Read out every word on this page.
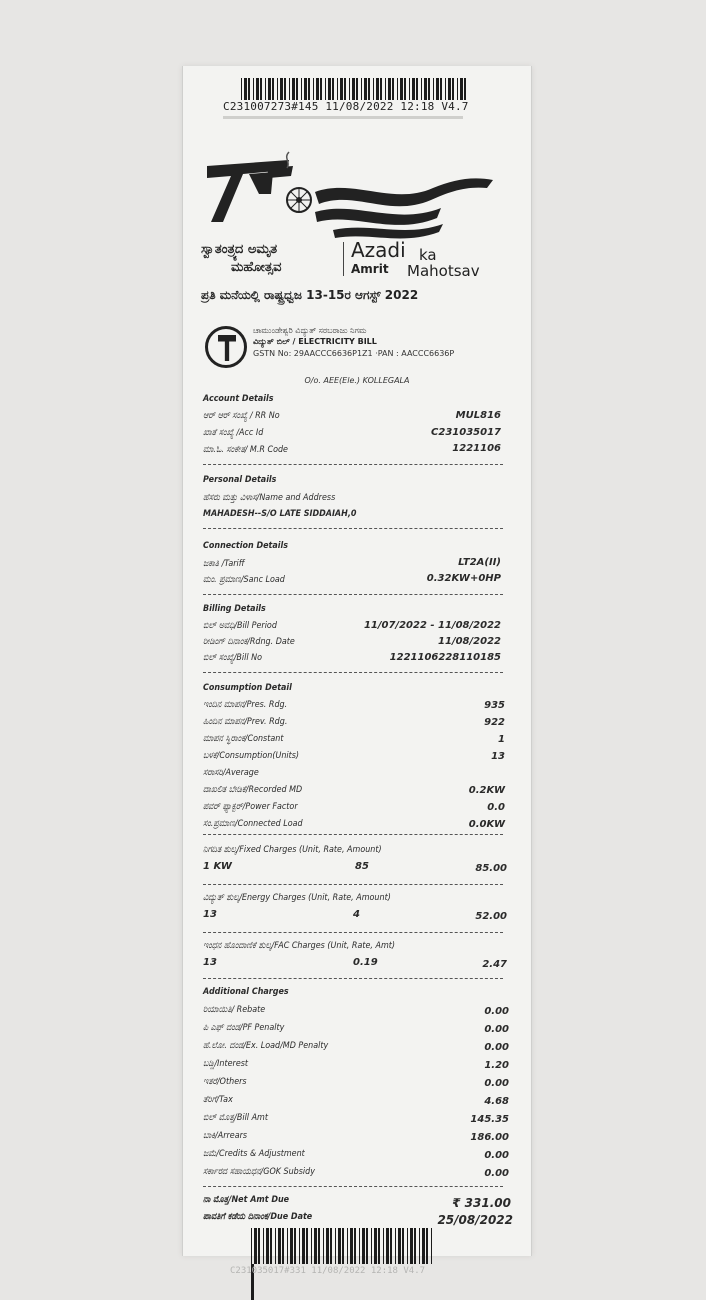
C231007273#145 11/08/2022 12:18 V4.7
ಸ್ವಾತಂತ್ರ್ಯದ ಅಮೃತ
ಮಹೋತ್ಸವ
Azadi ka
Amrit Mahotsav
ಪ್ರತಿ ಮನೆಯಲ್ಲಿ ರಾಷ್ಟ್ರಧ್ವಜ 13-15ರ ಆಗಸ್ಟ್ 2022
ಚಾಮುಂಡೇಶ್ವರಿ ವಿದ್ಯುತ್ ಸರಬರಾಜು ನಿಗಮ
ವಿದ್ಯುತ್ ಬಿಲ್ / ELECTRICITY BILL
GSTN No: 29AACCC6636P1Z1 ·PAN : AACCC6636P
O/o. AEE(Ele.) KOLLEGALA
Account Details
ಆರ್ ಆರ್ ಸಂಖ್ಯೆ / RR No	MUL816
ಖಾತೆ ಸಂಖ್ಯೆ /Acc Id	C231035017
ಮಾ.ಓ. ಸಂಕೇತ/ M.R Code	1221106
Personal Details
ಹೆಸರು ಮತ್ತು ವಿಳಾಸ/Name and Address
MAHADESH--S/O LATE SIDDAIAH,0
Connection Details
ಜಕಾತಿ /Tariff	LT2A(II)
ಮಂ. ಪ್ರಮಾಣ/Sanc Load	0.32KW+0HP
Billing Details
ಬಿಲ್ ಅವಧಿ/Bill Period	11/07/2022 - 11/08/2022
ರೀಡಿಂಗ್ ದಿನಾಂಕ/Rdng. Date	11/08/2022
ಬಿಲ್ ಸಂಖ್ಯೆ/Bill No	1221106228110185
Consumption Detail
ಇಂದಿನ ಮಾಪನ/Pres. Rdg.	935
ಹಿಂದಿನ ಮಾಪನ/Prev. Rdg.	922
ಮಾಪನ ಸ್ಥಿರಾಂಕ/Constant	1
ಬಳಕೆ/Consumption(Units)	13
ಸರಾಸರಿ/Average
ದಾಖಲಿತ ಬೇಡಿಕೆ/Recorded MD	0.2KW
ಪವರ್ ಫ್ಯಾಕ್ಟರ್/Power Factor	0.0
ಸಂ.ಪ್ರಮಾಣ/Connected Load	0.0KW
ನಿಗದಿತ ಶುಲ್ಕ/Fixed Charges (Unit, Rate, Amount)
1 KW	85	85.00
ವಿದ್ಯುತ್ ಶುಲ್ಕ/Energy Charges (Unit, Rate, Amount)
13	4	52.00
ಇಂಧನ ಹೊಂದಾಣಿಕೆ ಶುಲ್ಕ/FAC Charges (Unit, Rate, Amt)
13	0.19	2.47
Additional Charges
ರಿಯಾಯಿತಿ/ Rebate	0.00
ಪಿ ಎಫ್ ದಂಡ/PF Penalty	0.00
ಹೆ.ಲೋ. ದಂಡ/Ex. Load/MD Penalty	0.00
ಬಡ್ಡಿ/Interest	1.20
ಇತರೆ/Others	0.00
ತೆರಿಗೆ/Tax	4.68
ಬಿಲ್ ಮೊತ್ತ/Bill Amt	145.35
ಬಾಕಿ/Arrears	186.00
ಜಮೆ/Credits & Adjustment	0.00
ಸರ್ಕಾರದ ಸಹಾಯಧನ/GOK Subsidy	0.00
ನಾ ಮೊತ್ತ/Net Amt Due	₹ 331.00
ಪಾವತಿಗೆ ಕಡೆಯ ದಿನಾಂಕ/Due Date	25/08/2022
C231035017#331 11/08/2022 12:18 V4.7
